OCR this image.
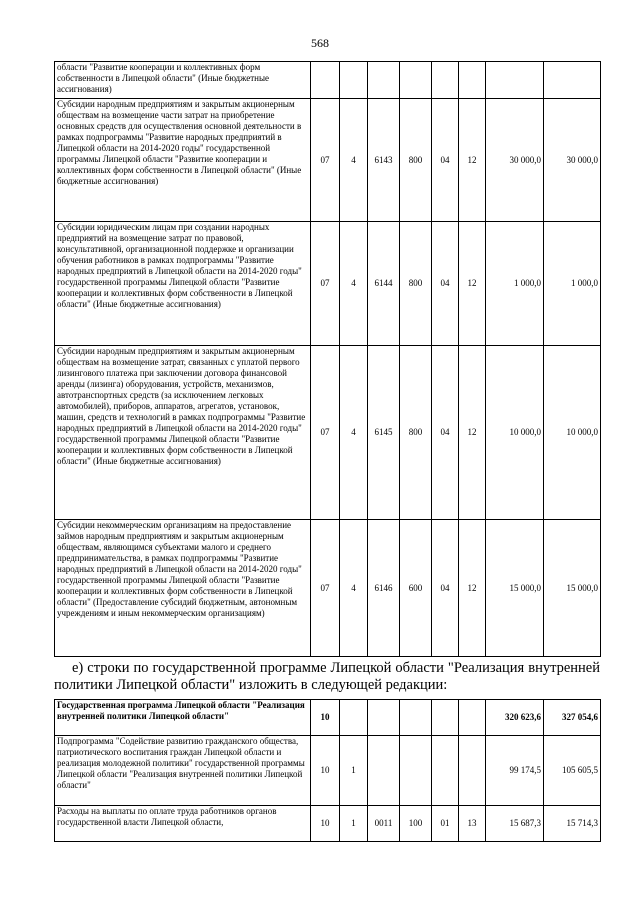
568
области "Развитие кооперации и коллективных форм собственности в Липецкой области" (Иные бюджетные ассигнования)								
Субсидии народным предприятиям и закрытым акционерным обществам на возмещение части затрат на приобретение основных средств для осуществления основной деятельности в рамках подпрограммы "Развитие народных предприятий в Липецкой области на 2014-2020 годы" государственной программы Липецкой области "Развитие кооперации и коллективных форм собственности в Липецкой области" (Иные бюджетные ассигнования)	07	4	6143	800	04	12	30 000,0	30 000,0
Субсидии юридическим лицам при создании народных предприятий на возмещение затрат по правовой, консультативной, организационной поддержке и организации обучения работников в рамках подпрограммы "Развитие народных предприятий в Липецкой области на 2014-2020 годы" государственной программы Липецкой области "Развитие кооперации и коллективных форм собственности в Липецкой области" (Иные бюджетные ассигнования)	07	4	6144	800	04	12	1 000,0	1 000,0
Субсидии народным предприятиям и закрытым акционерным обществам на возмещение затрат, связанных с уплатой первого лизингового платежа при заключении договора финансовой аренды (лизинга) оборудования, устройств, механизмов, автотранспортных средств (за исключением легковых автомобилей), приборов, аппаратов, агрегатов, установок, машин, средств и технологий в рамках подпрограммы "Развитие народных предприятий в Липецкой области на 2014-2020 годы" государственной программы Липецкой области "Развитие кооперации и коллективных форм собственности в Липецкой области" (Иные бюджетные ассигнования)	07	4	6145	800	04	12	10 000,0	10 000,0
Субсидии некоммерческим организациям на предоставление займов народным предприятиям и закрытым акционерным обществам, являющимся субъектами малого и среднего предпринимательства, в рамках подпрограммы "Развитие народных предприятий в Липецкой области на 2014-2020 годы" государственной программы Липецкой области "Развитие кооперации и коллективных форм собственности в Липецкой области" (Предоставление субсидий бюджетным, автономным учреждениям и иным некоммерческим организациям)	07	4	6146	600	04	12	15 000,0	15 000,0
е) строки по государственной программе Липецкой области "Реализация внутренней политики Липецкой области" изложить в следующей редакции:
Государственная программа Липецкой области "Реализация внутренней политики Липецкой области"	10						320 623,6	327 054,6
Подпрограмма "Содействие развитию гражданского общества, патриотического воспитания граждан Липецкой области и реализация молодежной политики" государственной программы Липецкой области "Реализация внутренней политики Липецкой области"	10	1					99 174,5	105 605,5
Расходы на выплаты по оплате труда работников органов государственной власти Липецкой области,	10	1	0011	100	01	13	15 687,3	15 714,3
